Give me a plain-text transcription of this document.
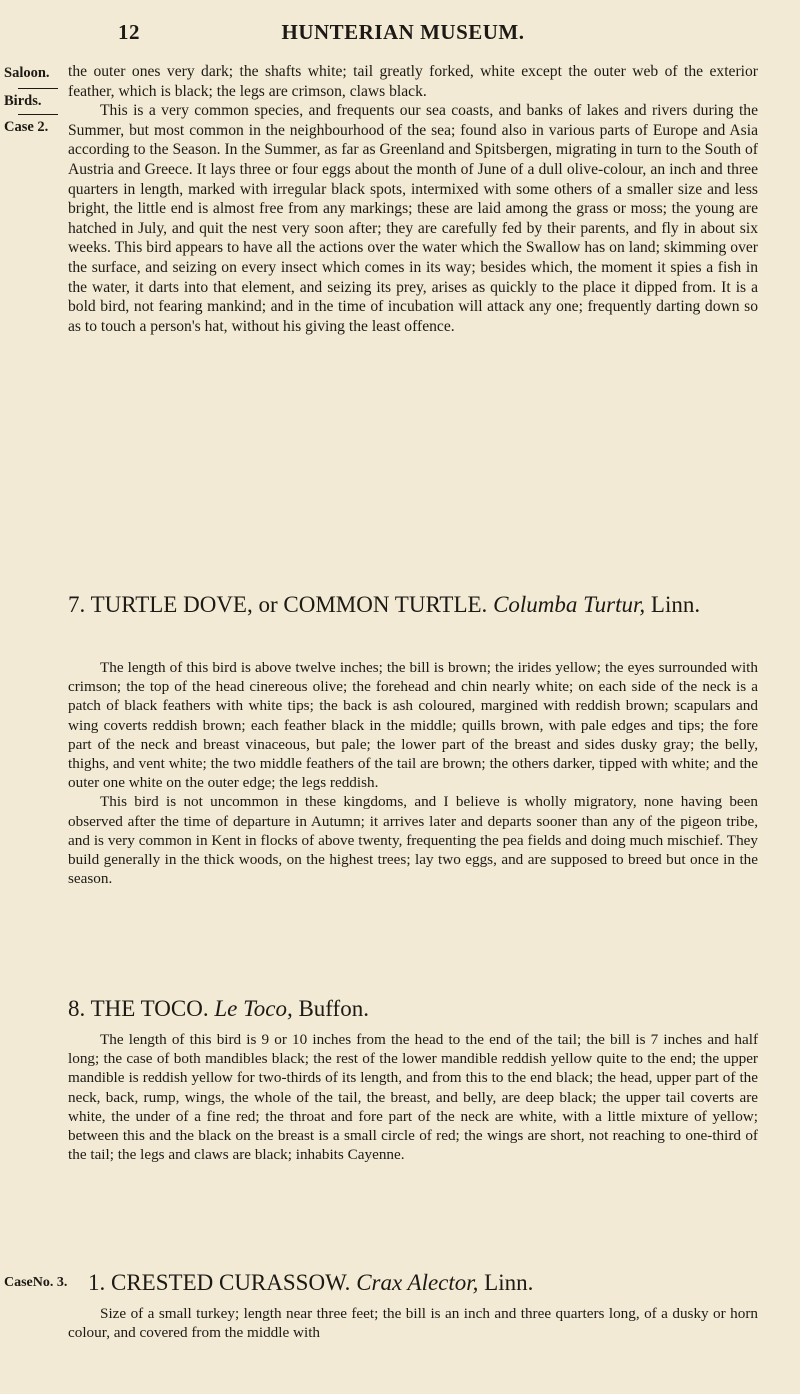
12	HUNTERIAN MUSEUM.
Saloon.
Birds.
Case 2.

the outer ones very dark; the shafts white; tail greatly forked, white except the outer web of the exterior feather, which is black; the legs are crimson, claws black.

This is a very common species, and frequents our sea coasts, and banks of lakes and rivers during the Summer, but most common in the neighbourhood of the sea; found also in various parts of Europe and Asia according to the Season. In the Summer, as far as Greenland and Spitsbergen, migrating in turn to the South of Austria and Greece. It lays three or four eggs about the month of June of a dull olive-colour, an inch and three quarters in length, marked with irregular black spots, intermixed with some others of a smaller size and less bright, the little end is almost free from any markings; these are laid among the grass or moss; the young are hatched in July, and quit the nest very soon after; they are carefully fed by their parents, and fly in about six weeks. This bird appears to have all the actions over the water which the Swallow has on land; skimming over the surface, and seizing on every insect which comes in its way; besides which, the moment it spies a fish in the water, it darts into that element, and seizing its prey, arises as quickly to the place it dipped from. It is a bold bird, not fearing mankind; and in the time of incubation will attack any one; frequently darting down so as to touch a person's hat, without his giving the least offence.

7. TURTLE DOVE, or COMMON TURTLE. Columba Turtur, Linn.

The length of this bird is above twelve inches; the bill is brown; the irides yellow; the eyes surrounded with crimson; the top of the head cinereous olive; the forehead and chin nearly white; on each side of the neck is a patch of black feathers with white tips; the back is ash coloured, margined with reddish brown; scapulars and wing coverts reddish brown; each feather black in the middle; quills brown, with pale edges and tips; the fore part of the neck and breast vinaceous, but pale; the lower part of the breast and sides dusky gray; the belly, thighs, and vent white; the two middle feathers of the tail are brown; the others darker, tipped with white; and the outer one white on the outer edge; the legs reddish.

This bird is not uncommon in these kingdoms, and I believe is wholly migratory, none having been observed after the time of departure in Autumn; it arrives later and departs sooner than any of the pigeon tribe, and is very common in Kent in flocks of above twenty, frequenting the pea fields and doing much mischief. They build generally in the thick woods, on the highest trees; lay two eggs, and are supposed to breed but once in the season.

8. THE TOCO. Le Toco, Buffon.

The length of this bird is 9 or 10 inches from the head to the end of the tail; the bill is 7 inches and half long; the case of both mandibles black; the rest of the lower mandible reddish yellow quite to the end; the upper mandible is reddish yellow for two-thirds of its length, and from this to the end black; the head, upper part of the neck, back, rump, wings, the whole of the tail, the breast, and belly, are deep black; the upper tail coverts are white, the under of a fine red; the throat and fore part of the neck are white, with a little mixture of yellow; between this and the black on the breast is a small circle of red; the wings are short, not reaching to one-third of the tail; the legs and claws are black; inhabits Cayenne.

CaseNo. 3. 1. CRESTED CURASSOW. Crax Alector, Linn.

Size of a small turkey; length near three feet; the bill is an inch and three quarters long, of a dusky or horn colour, and covered from the middle with
